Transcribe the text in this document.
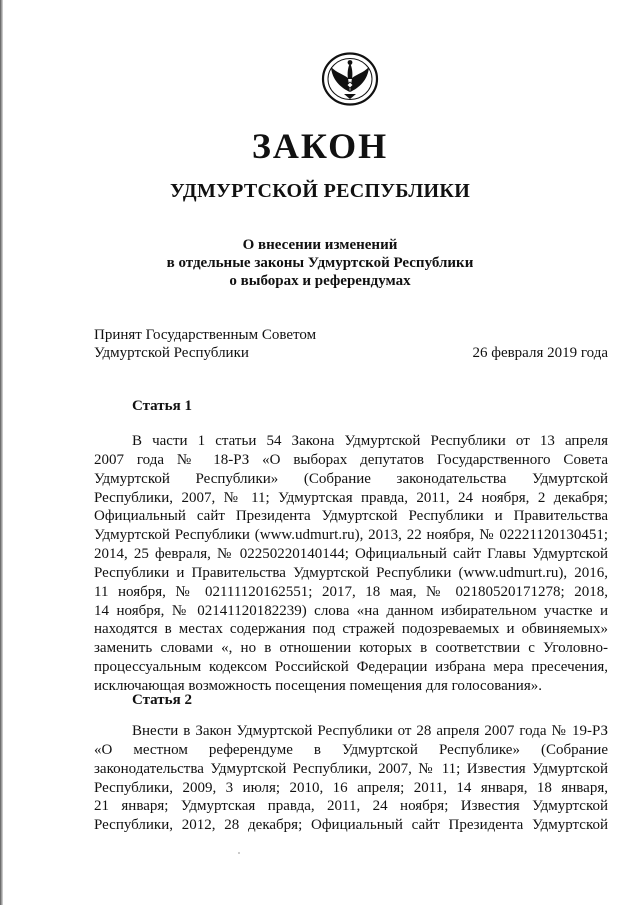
ЗАКОН
УДМУРТСКОЙ РЕСПУБЛИКИ
О внесении изменений
в отдельные законы Удмуртской Республики
о выборах и референдумах
Принят Государственным Советом
Удмуртской Республики	26 февраля 2019 года
Статья 1
В части 1 статьи 54 Закона Удмуртской Республики от 13 апреля
2007 года № 18-РЗ «О выборах депутатов Государственного Совета
Удмуртской Республики» (Собрание законодательства Удмуртской
Республики, 2007, № 11; Удмуртская правда, 2011, 24 ноября, 2 декабря;
Официальный сайт Президента Удмуртской Республики и Правительства
Удмуртской Республики (www.udmurt.ru), 2013, 22 ноября, № 02221120130451;
2014, 25 февраля, № 02250220140144; Официальный сайт Главы Удмуртской
Республики и Правительства Удмуртской Республики (www.udmurt.ru), 2016,
11 ноября, № 02111120162551; 2017, 18 мая, № 02180520171278; 2018,
14 ноября, № 02141120182239) слова «на данном избирательном участке и
находятся в местах содержания под стражей подозреваемых и обвиняемых»
заменить словами «, но в отношении которых в соответствии с Уголовно-
процессуальным кодексом Российской Федерации избрана мера пресечения,
исключающая возможность посещения помещения для голосования».
Статья 2
Внести в Закон Удмуртской Республики от 28 апреля 2007 года № 19-РЗ
«О местном референдуме в Удмуртской Республике» (Собрание
законодательства Удмуртской Республики, 2007, № 11; Известия Удмуртской
Республики, 2009, 3 июля; 2010, 16 апреля; 2011, 14 января, 18 января,
21 января; Удмуртская правда, 2011, 24 ноября; Известия Удмуртской
Республики, 2012, 28 декабря; Официальный сайт Президента Удмуртской
